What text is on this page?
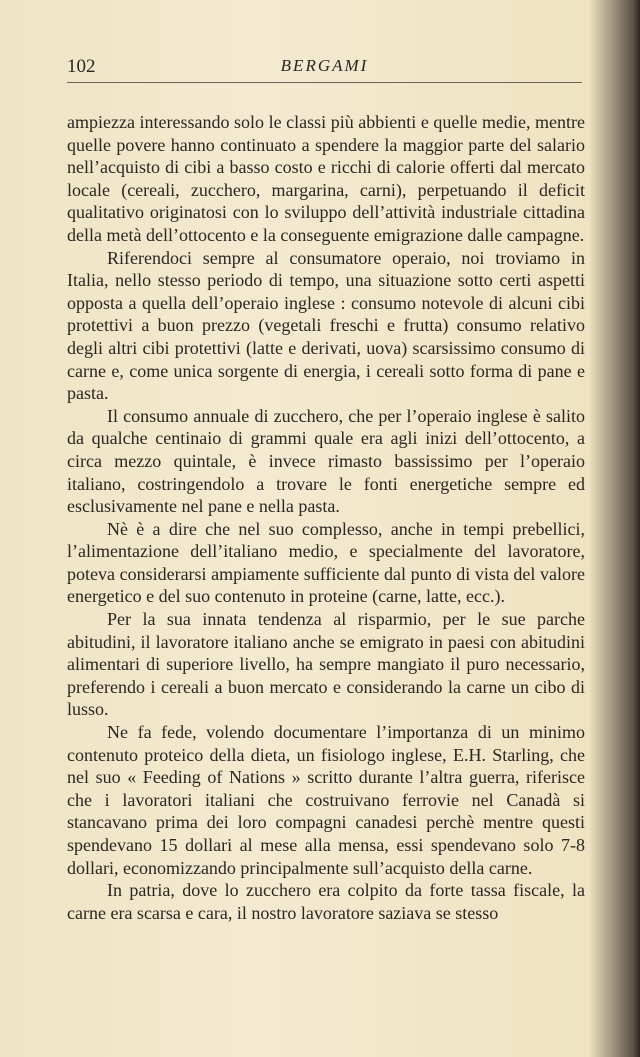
102	BERGAMI

ampiezza interessando solo le classi più abbienti e quelle medie, mentre quelle povere hanno continuato a spendere la maggior parte del salario nell’acquisto di cibi a basso costo e ricchi di calorie offerti dal mercato locale (cereali, zucchero, margarina, carni), perpetuando il deficit qualitativo originatosi con lo sviluppo dell’attività industriale cittadina della metà dell’ottocento e la conseguente emigrazione dalle campagne.

Riferendoci sempre al consumatore operaio, noi troviamo in Italia, nello stesso periodo di tempo, una situazione sotto certi aspetti opposta a quella dell’operaio inglese : consumo notevole di alcuni cibi protettivi a buon prezzo (vegetali freschi e frutta) consumo relativo degli altri cibi protettivi (latte e derivati, uova) scarsissimo consumo di carne e, come unica sorgente di energia, i cereali sotto forma di pane e pasta.

Il consumo annuale di zucchero, che per l’operaio inglese è salito da qualche centinaio di grammi quale era agli inizi dell’ottocento, a circa mezzo quintale, è invece rimasto bassissimo per l’operaio italiano, costringendolo a trovare le fonti energetiche sempre ed esclusivamente nel pane e nella pasta.

Nè è a dire che nel suo complesso, anche in tempi prebellici, l’alimentazione dell’italiano medio, e specialmente del lavoratore, poteva considerarsi ampiamente sufficiente dal punto di vista del valore energetico e del suo contenuto in proteine (carne, latte, ecc.).

Per la sua innata tendenza al risparmio, per le sue parche abitudini, il lavoratore italiano anche se emigrato in paesi con abitudini alimentari di superiore livello, ha sempre mangiato il puro necessario, preferendo i cereali a buon mercato e considerando la carne un cibo di lusso.

Ne fa fede, volendo documentare l’importanza di un minimo contenuto proteico della dieta, un fisiologo inglese, E.H. Starling, che nel suo « Feeding of Nations » scritto durante l’altra guerra, riferisce che i lavoratori italiani che costruivano ferrovie nel Canadà si stancavano prima dei loro compagni canadesi perchè mentre questi spendevano 15 dollari al mese alla mensa, essi spendevano solo 7-8 dollari, economizzando principalmente sull’acquisto della carne.

In patria, dove lo zucchero era colpito da forte tassa fiscale, la carne era scarsa e cara, il nostro lavoratore saziava se stesso
